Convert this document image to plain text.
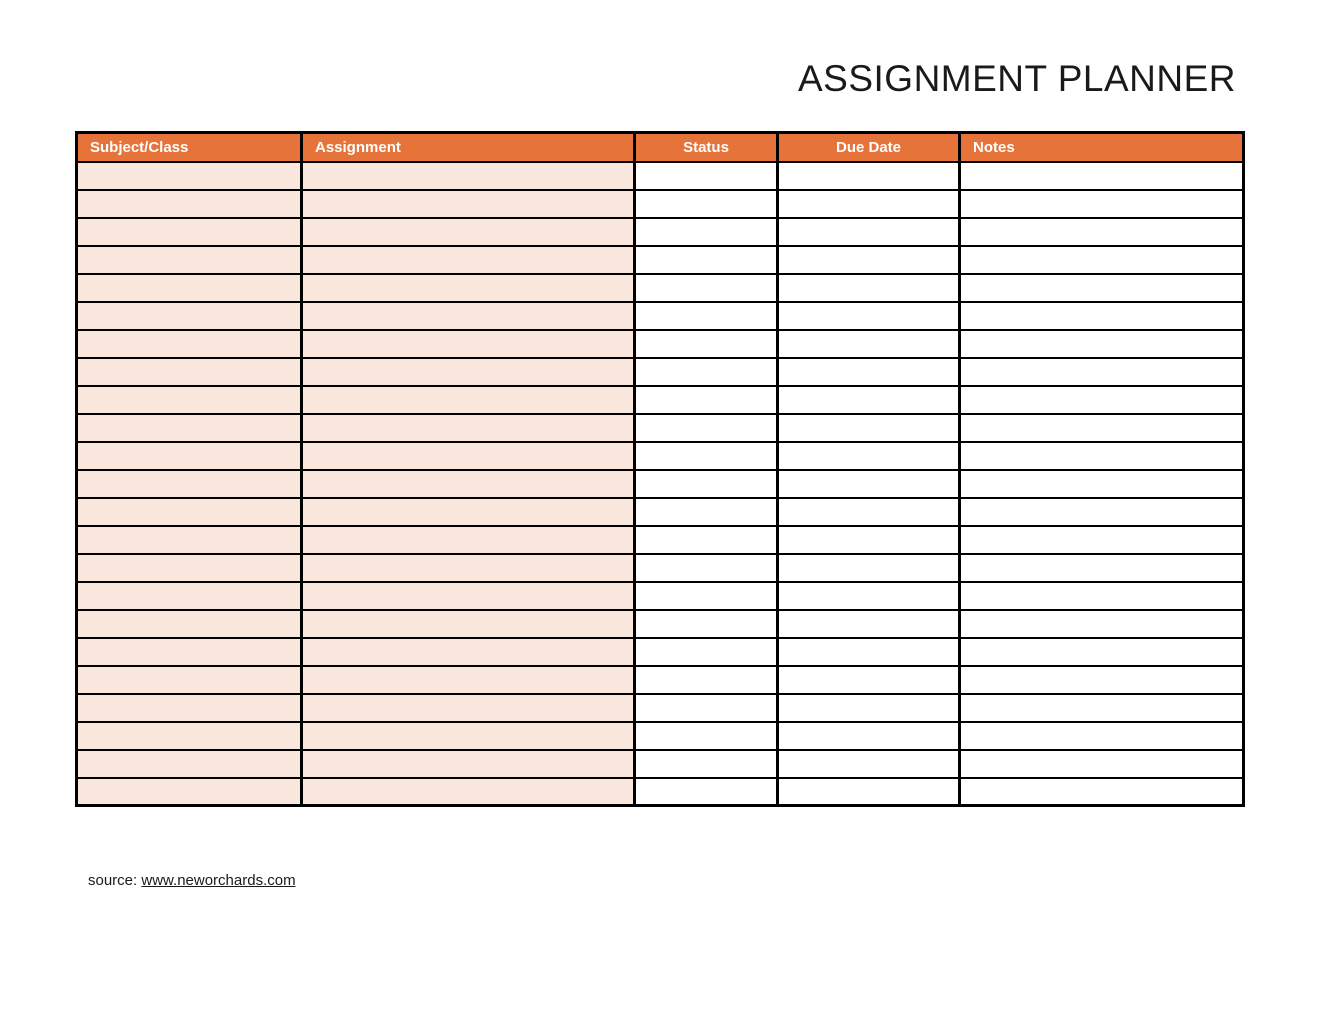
ASSIGNMENT PLANNER
Subject/Class	Assignment	Status	Due Date	Notes

source: www.neworchards.com
